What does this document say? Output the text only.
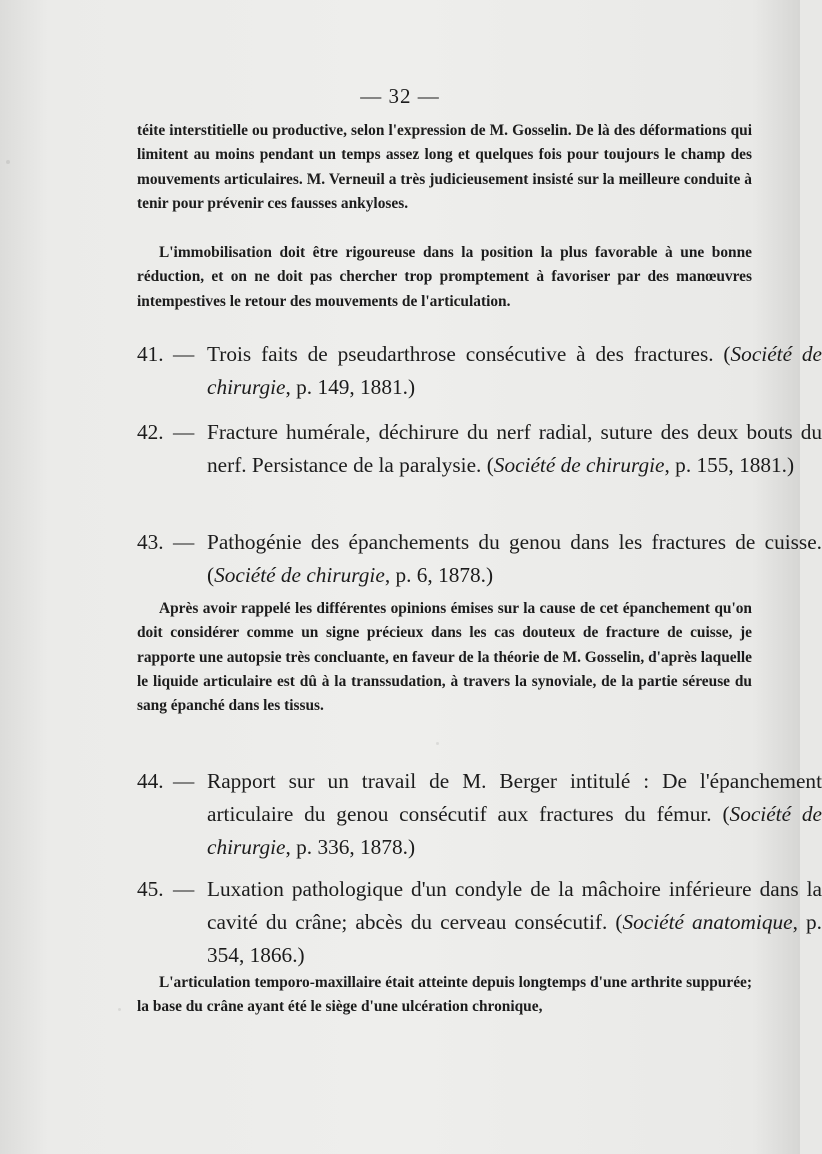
— 32 —
téite interstitielle ou productive, selon l'expression de M. Gosselin. De là des déformations qui limitent au moins pendant un temps assez long et quelques fois pour toujours le champ des mouvements articulaires. M. Verneuil a très judicieusement insisté sur la meilleure conduite à tenir pour prévenir ces fausses ankyloses.
L'immobilisation doit être rigoureuse dans la position la plus favorable à une bonne réduction, et on ne doit pas chercher trop promptement à favoriser par des manœuvres intempestives le retour des mouvements de l'articulation.
41. — Trois faits de pseudarthrose consécutive à des fractures. (Société de chirurgie, p. 149, 1881.)
42. — Fracture humérale, déchirure du nerf radial, suture des deux bouts du nerf. Persistance de la paralysie. (Société de chirurgie, p. 155, 1881.)
43. — Pathogénie des épanchements du genou dans les fractures de cuisse. (Société de chirurgie, p. 6, 1878.)
Après avoir rappelé les différentes opinions émises sur la cause de cet épanchement qu'on doit considérer comme un signe précieux dans les cas douteux de fracture de cuisse, je rapporte une autopsie très concluante, en faveur de la théorie de M. Gosselin, d'après laquelle le liquide articulaire est dû à la transsudation, à travers la synoviale, de la partie séreuse du sang épanché dans les tissus.
44. — Rapport sur un travail de M. Berger intitulé : De l'épanchement articulaire du genou consécutif aux fractures du fémur. (Société de chirurgie, p. 336, 1878.)
45. — Luxation pathologique d'un condyle de la mâchoire inférieure dans la cavité du crâne; abcès du cerveau consécutif. (Société anatomique, p. 354, 1866.)
L'articulation temporo-maxillaire était atteinte depuis longtemps d'une arthrite suppurée; la base du crâne ayant été le siège d'une ulcération chronique,
